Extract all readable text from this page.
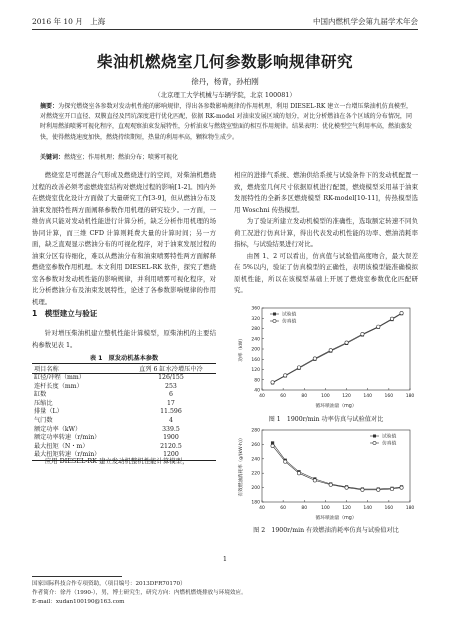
2016 年 10 月　上海	中国内燃机学会第九届学术年会
柴油机燃烧室几何参数影响规律研究
徐丹，杨青，孙柏刚
（北京理工大学机械与车辆学院，北京 100081）
摘要：为探究燃烧室各参数对发动机性能的影响规律，得出各参数影响规律的作用机理，利用 DIESEL-RK 建立一台增压柴油机仿真模型，对燃烧室开口直径、双膜直径及凹坑深度进行优化匹配，依据 RK-model 对油束发展区域的划分，对比分析燃油在各个区域的分布情况，同时利用燃油喷雾可视化程序，直观观察油束发展特性，分析油束与燃烧室壁面的相互作用规律。结果表明：优化模型空气利用率高，燃油蒸发快，使得燃烧速度加快，燃烧持续期短，热量的利用率高，颗粒物生成少。
关键词：燃烧室；作用机理；燃油分布；喷雾可视化

燃烧室是可燃混合气形成及燃烧进行的空间，对柴油机燃烧过程的改善必须考虑燃烧室结构对燃烧过程的影响[1-2]。国内外在燃烧室优化设计方面做了大量研究工作[3-9]，但从燃油分布及油束发展特性两方面阐释参数作用机理的研究较少。一方面，一维仿真只能对发动机性能进行计算分析，缺乏分析作用机理的场协同计算，而三维 CFD 计算则耗费大量的计算时间；另一方面，缺乏直观显示燃油分布的可视化程序，对于油束发展过程的油束分区有待细化，难以从燃油分布和油束喷雾特性两方面解释燃烧室参数作用机理。本文利用 DIESEL-RK 软件，探究了燃烧室各参数对发动机性能的影响规律，并利用喷雾可视化程序，对比分析燃油分布及油束发展特性，论述了各参数影响规律的作用机理。

1　模型建立与验证

针对增压柴油机建立整机性能计算模型，原柴油机的主要结构参数见表 1。

表 1　原发动机基本参数
项目名称	直列 6 缸水冷增压中冷
缸径/冲程（mm）	126/155
连杆长度（mm）	253
缸数	6
压缩比	17
排量（L）	11.596
气门数	4
额定功率（kW）	339.5
额定功率转速（r/min）	1900
最大扭矩（N・m）	2120.5
最大扭矩转速（r/min）	1200

应用 DIESEL-RK 建立发动机整机性能计算模型，

相应的进排气系统、燃油供给系统与试验条件下的发动机配置一致，燃烧室几何尺寸依据原机进行配置，燃烧模型采用基于油束发展特性的全新多区燃烧模型 RK-model[10-11]，传热模型选用 Woschni 传热模型。

为了验证所建立发动机模型的准确性，选取额定转速不同负荷工况进行仿真计算，得出代表发动机性能的功率、燃油消耗率指标，与试验结果进行对比。

由图 1、2 可以看出，仿真值与试验值高度吻合，最大误差在 5%以内，验证了仿真模型的正确性，表明该模型能准确模拟原机性能，所以在该模型基础上开展了燃烧室参数优化匹配研究。

40	60	80	100	120	140	160	180
40
80
120
160
200
240
280
320
360
循环喷油量（mg）
功率（kW）
试验值
仿真值
图 1　1900r/min 功率仿真与试验值对比
40	60	80	100	120	140	160	180
180
200
220
240
260
280
循环喷油量（mg）
有效燃油消耗率（g/(kW·h)）	试验值
仿真值
图 2　1900r/min 有效燃油消耗率仿真与试验值对比
1
国家国际科技合作专项资助，（项目编号：2013DFR70170）
作者简介：徐丹（1990-），男，博士研究生，研究方向：内燃机燃烧排放与环境效应。
E-mail：xudan100190@163.com
